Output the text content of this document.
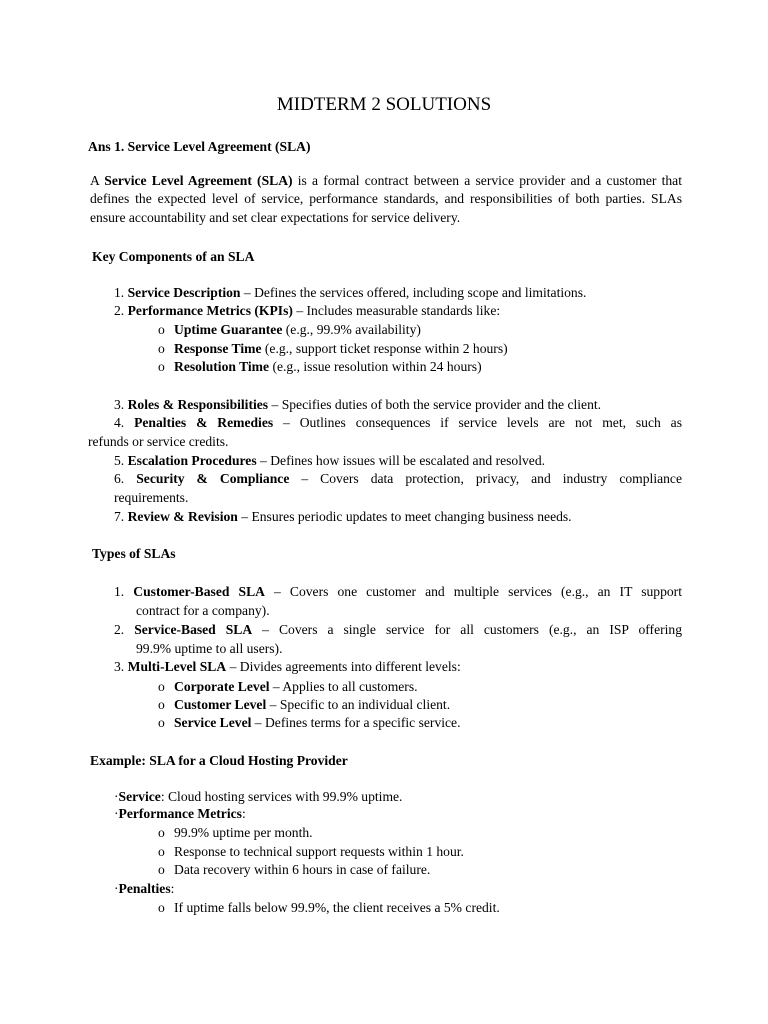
MIDTERM 2 SOLUTIONS

Ans 1. Service Level Agreement (SLA)

A Service Level Agreement (SLA) is a formal contract between a service provider and a customer that defines the expected level of service, performance standards, and responsibilities of both parties. SLAs ensure accountability and set clear expectations for service delivery.

Key Components of an SLA

1. Service Description – Defines the services offered, including scope and limitations.
2. Performance Metrics (KPIs) – Includes measurable standards like:
o Uptime Guarantee (e.g., 99.9% availability)
o Response Time (e.g., support ticket response within 2 hours)
o Resolution Time (e.g., issue resolution within 24 hours)
3. Roles & Responsibilities – Specifies duties of both the service provider and the client.
4. Penalties & Remedies – Outlines consequences if service levels are not met, such as
refunds or service credits.
5. Escalation Procedures – Defines how issues will be escalated and resolved.
6. Security & Compliance – Covers data protection, privacy, and industry compliance
requirements.
7. Review & Revision – Ensures periodic updates to meet changing business needs.

Types of SLAs

1. Customer-Based SLA – Covers one customer and multiple services (e.g., an IT support
contract for a company).
2. Service-Based SLA – Covers a single service for all customers (e.g., an ISP offering
99.9% uptime to all users).
3. Multi-Level SLA – Divides agreements into different levels:
o Corporate Level – Applies to all customers.
o Customer Level – Specific to an individual client.
o Service Level – Defines terms for a specific service.

Example: SLA for a Cloud Hosting Provider

·Service: Cloud hosting services with 99.9% uptime.
·Performance Metrics:
o 99.9% uptime per month.
o Response to technical support requests within 1 hour.
o Data recovery within 6 hours in case of failure.
·Penalties:
o If uptime falls below 99.9%, the client receives a 5% credit.
